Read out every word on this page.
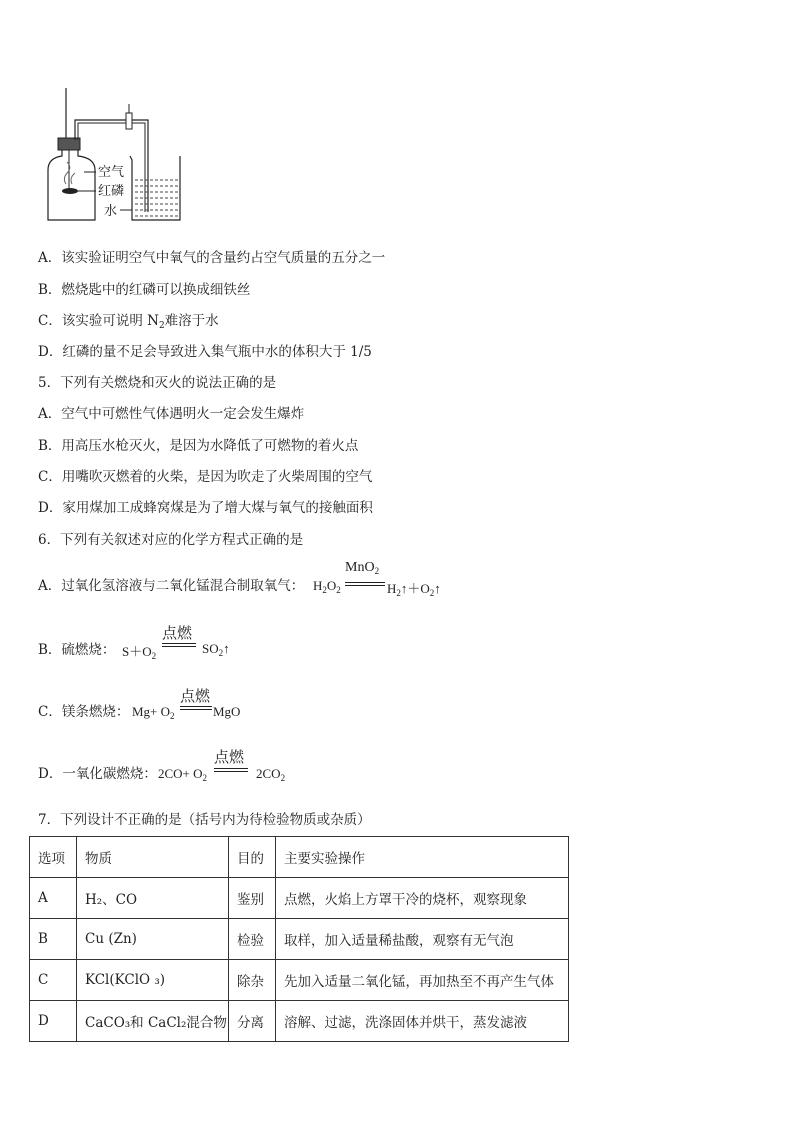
空气
红磷
水
A．该实验证明空气中氧气的含量约占空气质量的五分之一
B．燃烧匙中的红磷可以换成细铁丝
C．该实验可说明 $N_2$难溶于水
D．红磷的量不足会导致进入集气瓶中水的体积大于 1/5
5．下列有关燃烧和灭火的说法正确的是
A．空气中可燃性气体遇明火一定会发生爆炸
B．用高压水枪灭火，是因为水降低了可燃物的着火点
C．用嘴吹灭燃着的火柴，是因为吹走了火柴周围的空气
D．家用煤加工成蜂窝煤是为了增大煤与氧气的接触面积
6．下列有关叙述对应的化学方程式正确的是
A．过氧化氢溶液与二氧化锰混合制取氧气： $H_2O_2$
MnO$_2$
$H_2↑+O_2↑$
B．硫燃烧： $S+O_2$
点燃
$SO_2↑$
C．镁条燃烧： $Mg+ O_2$
点燃
MgO
D．一氧化碳燃烧： $2CO+ O_2$
点燃
$2CO_2$
7．下列设计不正确的是（括号内为待检验物质或杂质）
选项	物质	目的	主要实验操作
A	H₂、CO	鉴别	点燃，火焰上方罩干冷的烧杯，观察现象
B	Cu (Zn)	检验	取样，加入适量稀盐酸，观察有无气泡
C	KCl(KClO ₃)	除杂	先加入适量二氧化锰，再加热至不再产生气体
D	CaCO₃和 CaCl₂混合物	分离	溶解、过滤，洗涤固体并烘干，蒸发滤液
